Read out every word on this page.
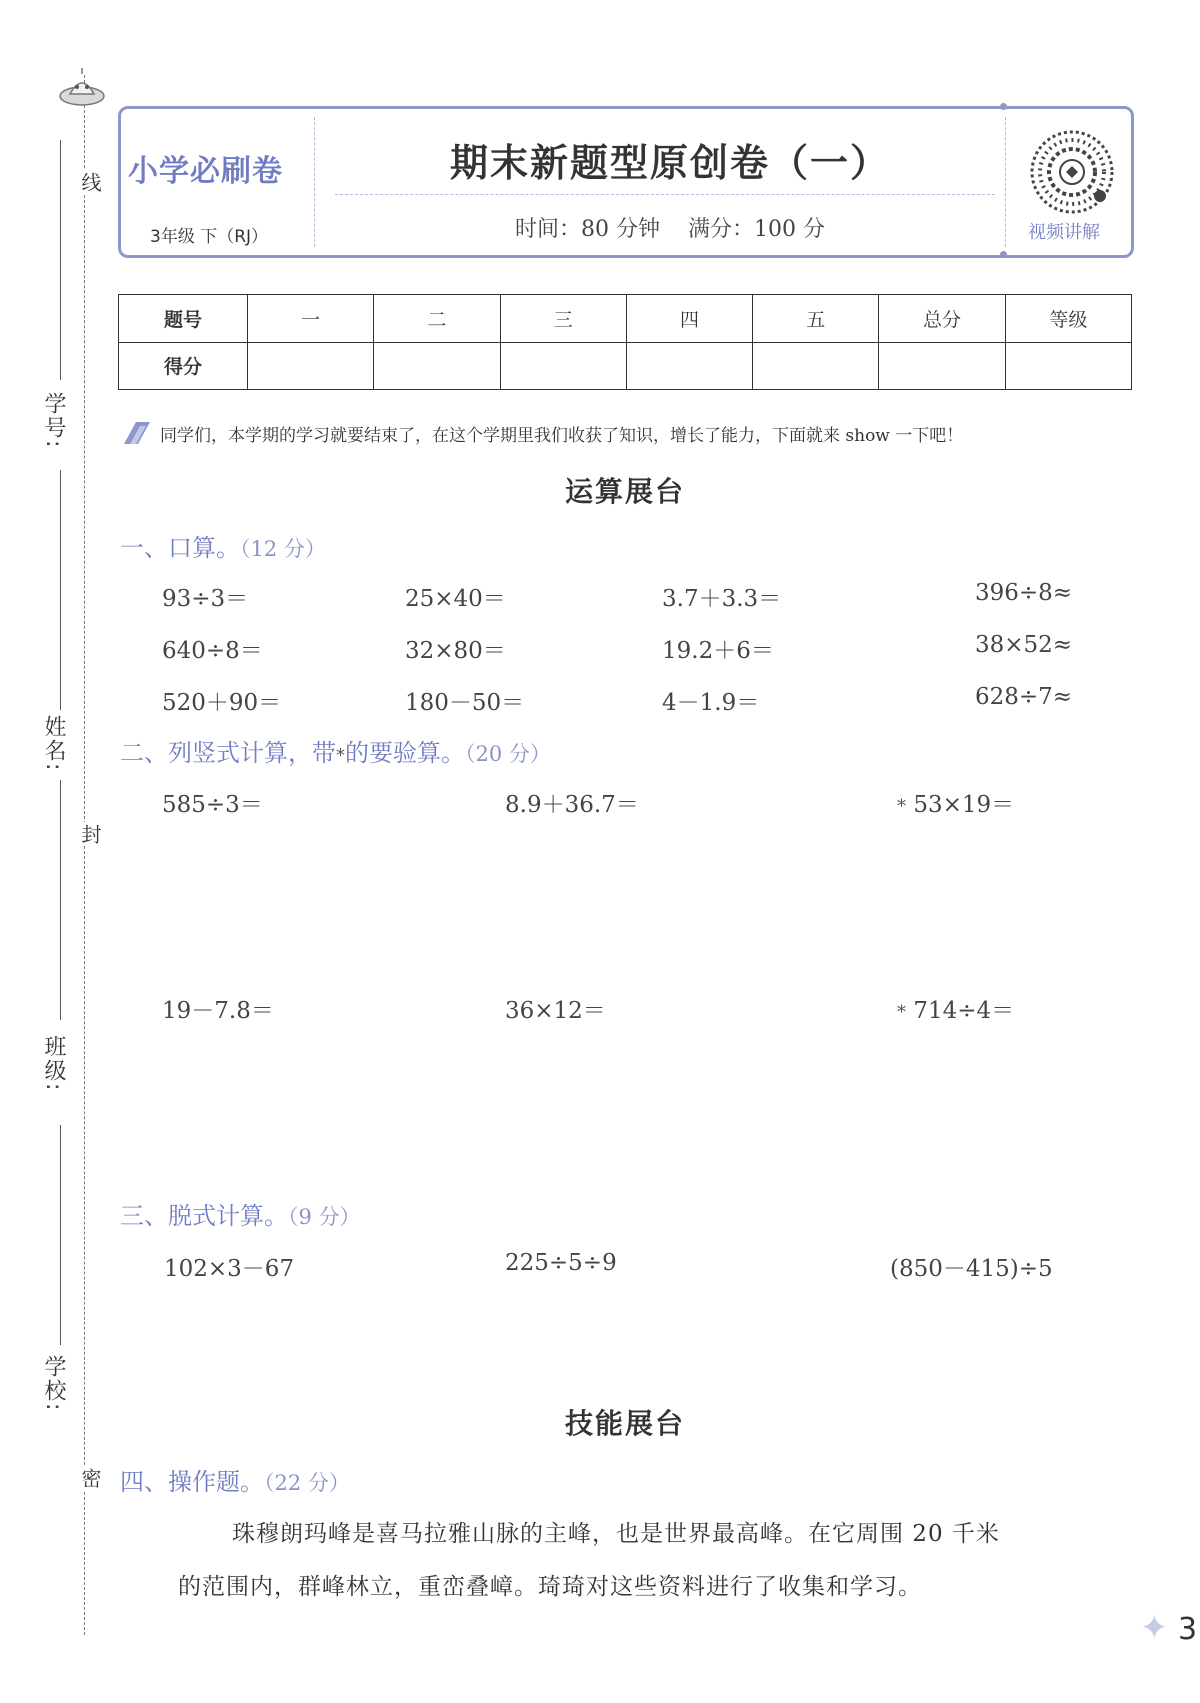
线
封
密
学号:
姓名:
班级:
学校:
小学必刷卷
3年级 下（RJ）
期末新题型原创卷（一）
时间：80 分钟    满分：100 分	视频讲解
题号	一	二	三	四	五	总分	等级
得分							
同学们，本学期的学习就要结束了，在这个学期里我们收获了知识，增长了能力，下面就来 show 一下吧！
运算展台
一、口算。（12 分）
93÷3＝	25×40＝	3.7＋3.3＝	396÷8≈
640÷8＝	32×80＝	19.2＋6＝	38×52≈
520＋90＝	180－50＝	4－1.9＝	628÷7≈
二、列竖式计算，带*的要验算。（20 分）
585÷3＝	8.9＋36.7＝	* 53×19＝
19－7.8＝	36×12＝	* 714÷4＝
三、脱式计算。（9 分）
102×3－67	225÷5÷9	(850－415)÷5
技能展台
四、操作题。（22 分）
珠穆朗玛峰是喜马拉雅山脉的主峰，也是世界最高峰。在它周围 20 千米
的范围内，群峰林立，重峦叠嶂。琦琦对这些资料进行了收集和学习。
✦ 3
